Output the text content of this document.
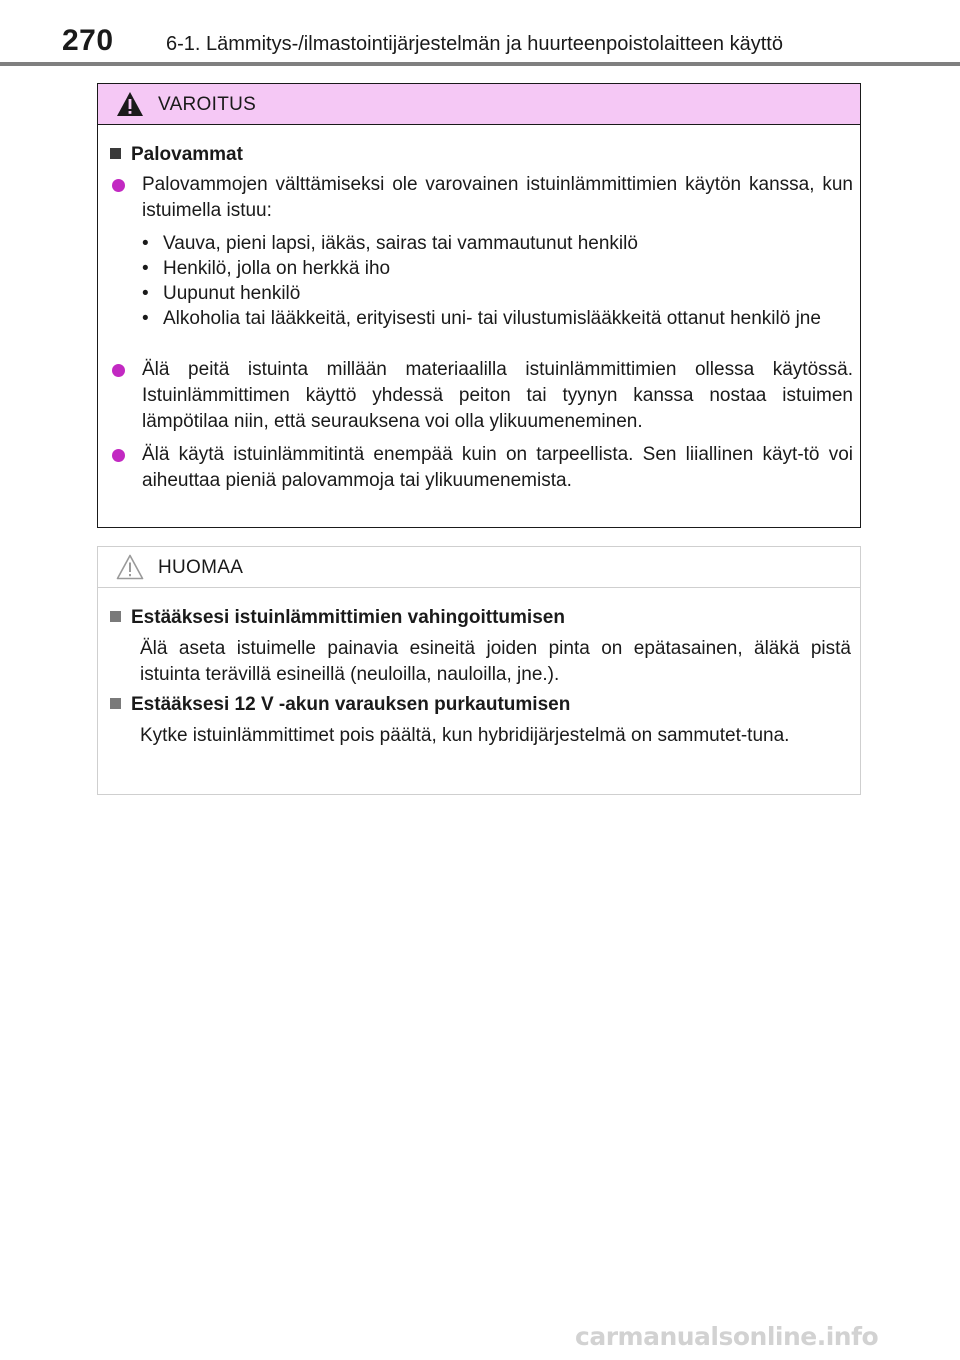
270	6-1. Lämmitys-/ilmastointijärjestelmän ja huurteenpoistolaitteen käyttö
VAROITUS
Palovammat
Palovammojen välttämiseksi ole varovainen istuinlämmittimien käytön kanssa, kun istuimella istuu:
• Vauva, pieni lapsi, iäkäs, sairas tai vammautunut henkilö
• Henkilö, jolla on herkkä iho
• Uupunut henkilö
• Alkoholia tai lääkkeitä, erityisesti uni- tai vilustumislääkkeitä ottanut henkilö jne
Älä peitä istuinta millään materiaalilla istuinlämmittimien ollessa käytössä. Istuinlämmittimen käyttö yhdessä peiton tai tyynyn kanssa nostaa istuimen lämpötilaa niin, että seurauksena voi olla ylikuumeneminen.
Älä käytä istuinlämmitintä enempää kuin on tarpeellista. Sen liiallinen käyt-tö voi aiheuttaa pieniä palovammoja tai ylikuumenemista.
HUOMAA
Estääksesi istuinlämmittimien vahingoittumisen
Älä aseta istuimelle painavia esineitä joiden pinta on epätasainen, äläkä pistä istuinta terävillä esineillä (neuloilla, nauloilla, jne.).
Estääksesi 12 V -akun varauksen purkautumisen
Kytke istuinlämmittimet pois päältä, kun hybridijärjestelmä on sammutet-tuna.
carmanualsonline.info
